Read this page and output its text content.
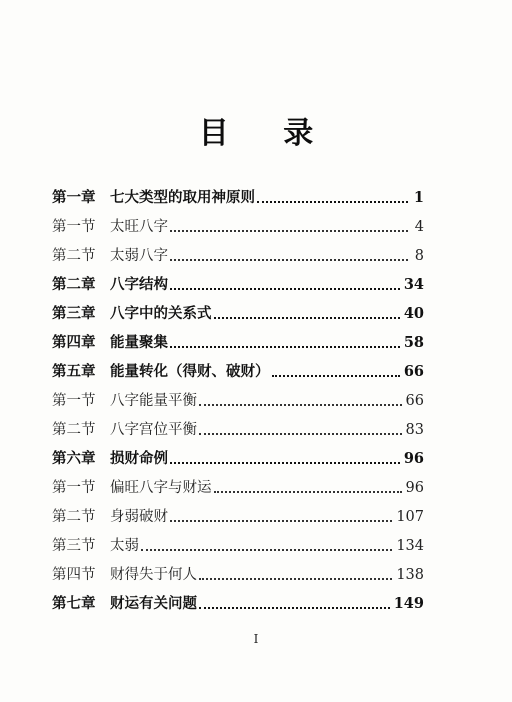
目 录
第一章	七大类型的取用神原则	1
第一节	太旺八字	4
第二节	太弱八字	8
第二章	八字结构	34
第三章	八字中的关系式	40
第四章	能量聚集	58
第五章	能量转化（得财、破财）	66
第一节	八字能量平衡	66
第二节	八字宫位平衡	83
第六章	损财命例	96
第一节	偏旺八字与财运	96
第二节	身弱破财	107
第三节	太弱	134
第四节	财得失于何人	138
第七章	财运有关问题	149
I
